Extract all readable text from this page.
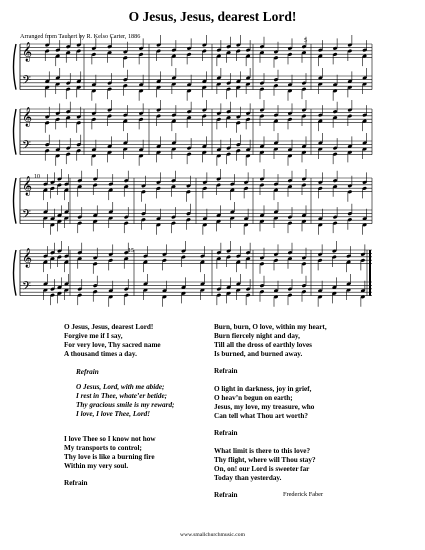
O Jesus, Jesus, dearest Lord!
Arranged from Taubert by R. Kelso Carter, 1886
𝄞
𝄢
𝄞
𝄢
𝄞
𝄢
𝄞
𝄢
5
10
15
O Jesus, Jesus, dearest Lord!
Forgive me if I say,
For very love, Thy sacred name
A thousand times a day.
Refrain
O Jesus, Lord, with me abide;
I rest in Thee, whate’er betide;
Thy gracious smile is my reward;
I love, I love Thee, Lord!
I love Thee so I know not how
My transports to control;
Thy love is like a burning fire
Within my very soul.
Refrain
Burn, burn, O love, within my heart,
Burn fiercely night and day,
Till all the dross of earthly loves
Is burned, and burned away.
Refrain
O light in darkness, joy in grief,
O heav’n begun on earth;
Jesus, my love, my treasure, who
Can tell what Thou art worth?
Refrain
What limit is there to this love?
Thy flight, where will Thou stay?
On, on! our Lord is sweeter far
Today than yesterday.
Refrain	Frederick Faber
www.smallchurchmusic.com
